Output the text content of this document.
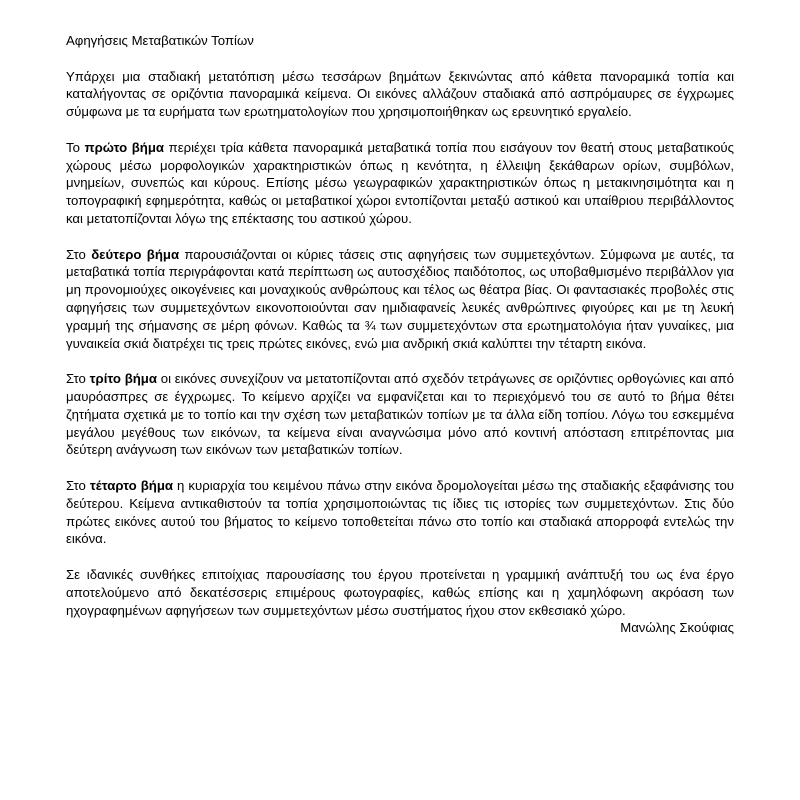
Αφηγήσεις Μεταβατικών Τοπίων

Υπάρχει μια σταδιακή μετατόπιση μέσω τεσσάρων βημάτων ξεκινώντας από κάθετα πανοραμικά τοπία και καταλήγοντας σε οριζόντια πανοραμικά κείμενα. Οι εικόνες αλλάζουν σταδιακά από ασπρόμαυρες σε έγχρωμες σύμφωνα με τα ευρήματα των ερωτηματολογίων που χρησιμοποιήθηκαν ως ερευνητικό εργαλείο.

Το πρώτο βήμα περιέχει τρία κάθετα πανοραμικά μεταβατικά τοπία που εισάγουν τον θεατή στους μεταβατικούς χώρους μέσω μορφολογικών χαρακτηριστικών όπως η κενότητα, η έλλειψη ξεκάθαρων ορίων, συμβόλων, μνημείων, συνεπώς και κύρους. Επίσης μέσω γεωγραφικών χαρακτηριστικών όπως η μετακινησιμότητα και η τοπογραφική εφημερότητα, καθώς οι μεταβατικοί χώροι εντοπίζονται μεταξύ αστικού και υπαίθριου περιβάλλοντος και μετατοπίζονται λόγω της επέκτασης του αστικού χώρου.

Στο δεύτερο βήμα παρουσιάζονται οι κύριες τάσεις στις αφηγήσεις των συμμετεχόντων. Σύμφωνα με αυτές, τα μεταβατικά τοπία περιγράφονται κατά περίπτωση ως αυτοσχέδιος παιδότοπος, ως υποβαθμισμένο περιβάλλον για μη προνομιούχες οικογένειες και μοναχικούς ανθρώπους και τέλος ως θέατρα βίας. Οι φαντασιακές προβολές στις αφηγήσεις των συμμετεχόντων εικονοποιούνται σαν ημιδιαφανείς λευκές ανθρώπινες φιγούρες και με τη λευκή γραμμή της σήμανσης σε μέρη φόνων. Καθώς τα ¾ των συμμετεχόντων στα ερωτηματολόγια ήταν γυναίκες, μια γυναικεία σκιά διατρέχει τις τρεις πρώτες εικόνες, ενώ μια ανδρική σκιά καλύπτει την τέταρτη εικόνα.

Στο τρίτο βήμα οι εικόνες συνεχίζουν να μετατοπίζονται από σχεδόν τετράγωνες σε οριζόντιες ορθογώνιες και από μαυρόασπρες σε έγχρωμες. Το κείμενο αρχίζει να εμφανίζεται και το περιεχόμενό του σε αυτό το βήμα θέτει ζητήματα σχετικά με το τοπίο και την σχέση των μεταβατικών τοπίων με τα άλλα είδη τοπίου. Λόγω του εσκεμμένα μεγάλου μεγέθους των εικόνων, τα κείμενα είναι αναγνώσιμα μόνο από κοντινή απόσταση επιτρέποντας μια δεύτερη ανάγνωση των εικόνων των μεταβατικών τοπίων.

Στο τέταρτο βήμα η κυριαρχία του κειμένου πάνω στην εικόνα δρομολογείται μέσω της σταδιακής εξαφάνισης του δεύτερου. Κείμενα αντικαθιστούν τα τοπία χρησιμοποιώντας τις ίδιες τις ιστορίες των συμμετεχόντων. Στις δύο πρώτες εικόνες αυτού του βήματος το κείμενο τοποθετείται πάνω στο τοπίο και σταδιακά απορροφά εντελώς την εικόνα.

Σε ιδανικές συνθήκες επιτοίχιας παρουσίασης του έργου προτείνεται η γραμμική ανάπτυξή του ως ένα έργο αποτελούμενο από δεκατέσσερις επιμέρους φωτογραφίες, καθώς επίσης και η χαμηλόφωνη ακρόαση των ηχογραφημένων αφηγήσεων των συμμετεχόντων μέσω συστήματος ήχου στον εκθεσιακό χώρο.

Μανώλης Σκούφιας
